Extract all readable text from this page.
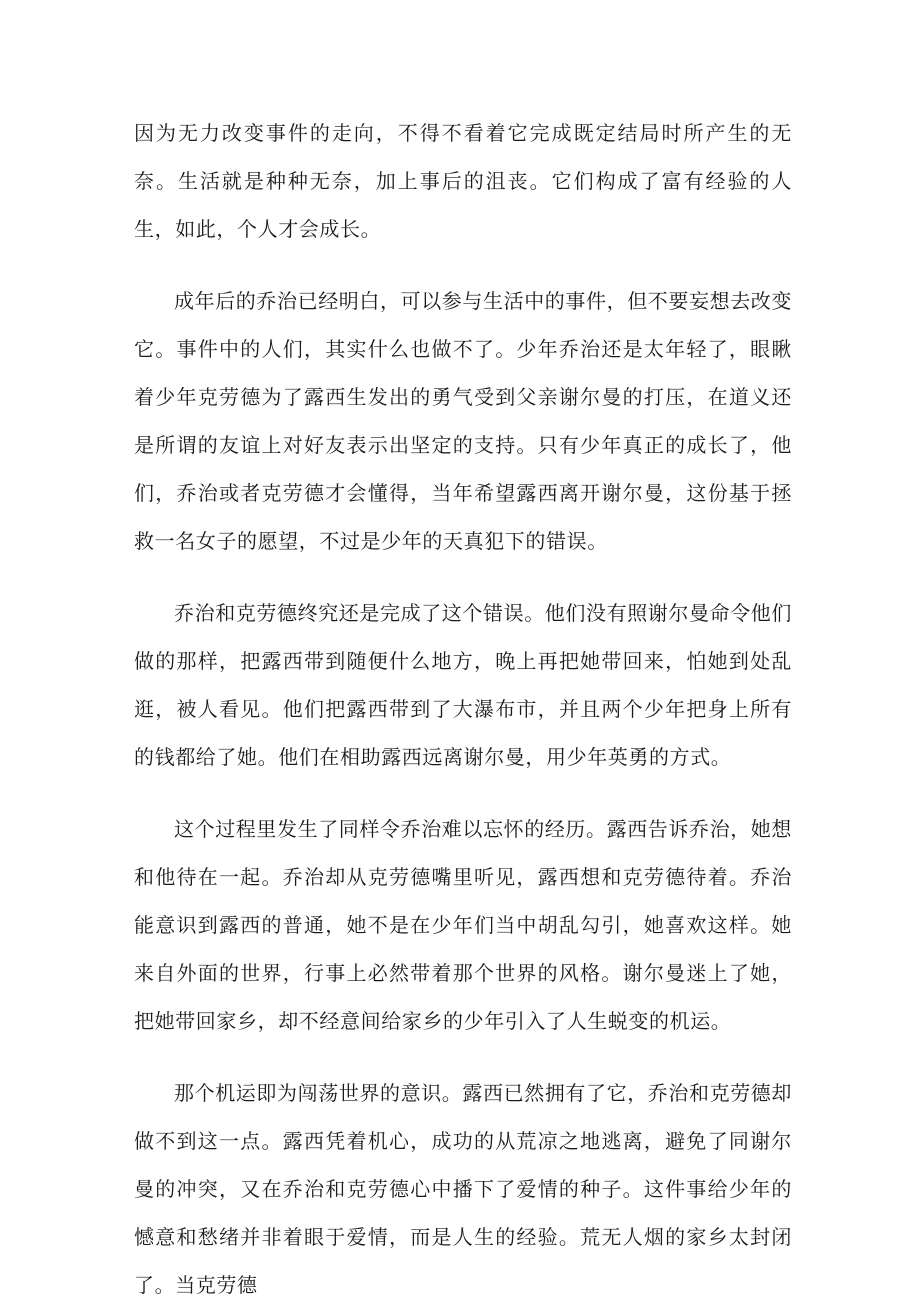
因为无力改变事件的走向，不得不看着它完成既定结局时所产生的无奈。生活就是种种无奈，加上事后的沮丧。它们构成了富有经验的人生，如此，个人才会成长。

成年后的乔治已经明白，可以参与生活中的事件，但不要妄想去改变它。事件中的人们，其实什么也做不了。少年乔治还是太年轻了，眼瞅着少年克劳德为了露西生发出的勇气受到父亲谢尔曼的打压，在道义还是所谓的友谊上对好友表示出坚定的支持。只有少年真正的成长了，他们，乔治或者克劳德才会懂得，当年希望露西离开谢尔曼，这份基于拯救一名女子的愿望，不过是少年的天真犯下的错误。

乔治和克劳德终究还是完成了这个错误。他们没有照谢尔曼命令他们做的那样，把露西带到随便什么地方，晚上再把她带回来，怕她到处乱逛，被人看见。他们把露西带到了大瀑布市，并且两个少年把身上所有的钱都给了她。他们在相助露西远离谢尔曼，用少年英勇的方式。

这个过程里发生了同样令乔治难以忘怀的经历。露西告诉乔治，她想和他待在一起。乔治却从克劳德嘴里听见，露西想和克劳德待着。乔治能意识到露西的普通，她不是在少年们当中胡乱勾引，她喜欢这样。她来自外面的世界，行事上必然带着那个世界的风格。谢尔曼迷上了她，把她带回家乡，却不经意间给家乡的少年引入了人生蜕变的机运。

那个机运即为闯荡世界的意识。露西已然拥有了它，乔治和克劳德却做不到这一点。露西凭着机心，成功的从荒凉之地逃离，避免了同谢尔曼的冲突，又在乔治和克劳德心中播下了爱情的种子。这件事给少年的憾意和愁绪并非着眼于爱情，而是人生的经验。荒无人烟的家乡太封闭了。当克劳德
